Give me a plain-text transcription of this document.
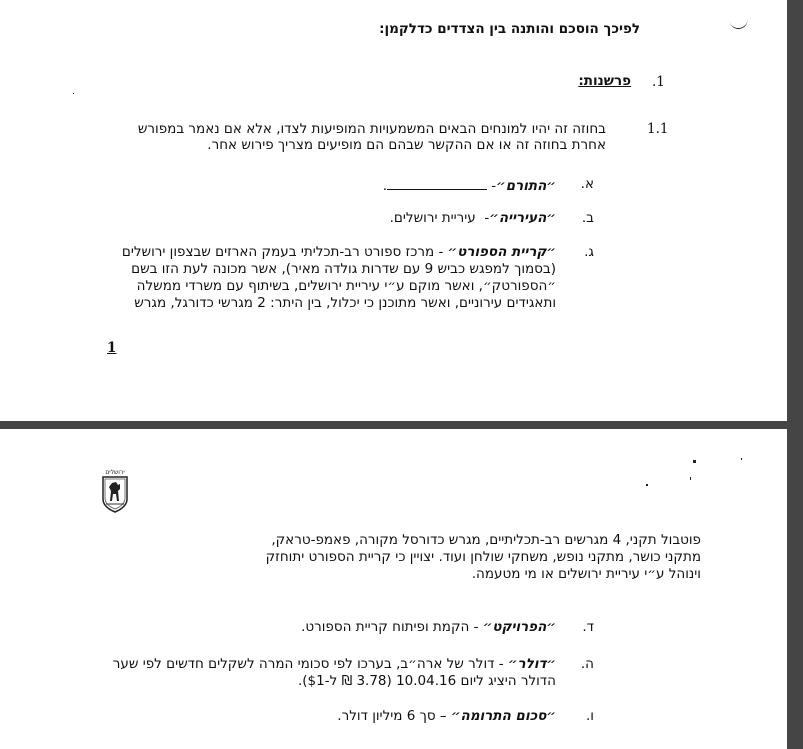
לפיכך הוסכם והותנה בין הצדדים כדלקמן:
.1
פרשנות:
1.1
בחוזה זה יהיו למונחים הבאים המשמעויות המופיעות לצדו, אלא אם נאמר במפורש
אחרת בחוזה זה או אם ההקשר שבהם הם מופיעים מצריך פירוש אחר.
א.
״התורם״- .
ב.
״העירייה״-  עיריית ירושלים.
ג.
״קריית הספורט״ - מרכז ספורט רב-תכליתי בעמק הארזים שבצפון ירושלים
(בסמוך למפגש כביש 9 עם שדרות גולדה מאיר), אשר מכונה לעת הזו בשם
״הספורטק״, ואשר מוקם ע״י עיריית ירושלים, בשיתוף עם משרדי ממשלה
ותאגידים עירוניים, ואשר מתוכנן כי יכלול, בין היתר: 2 מגרשי כדורגל, מגרש
1
ירושלים
פוטבול תקני, 4 מגרשים רב-תכליתיים, מגרש כדורסל מקורה, פאמפ-טראק,
מתקני כושר, מתקני נופש, משחקי שולחן ועוד. יצויין כי קריית הספורט יתוחזק
וינוהל ע״י עיריית ירושלים או מי מטעמה.
ד.
״הפרויקט״ - הקמת ופיתוח קריית הספורט.
ה.
״דולר״ - דולר של ארה״ב, בערכו לפי סכומי המרה לשקלים חדשים לפי שער
הדולר היציג ליום 10.04.16 (3.78 ₪ ל-$1).
ו.
״סכום התרומה״ – סך 6 מיליון דולר.
